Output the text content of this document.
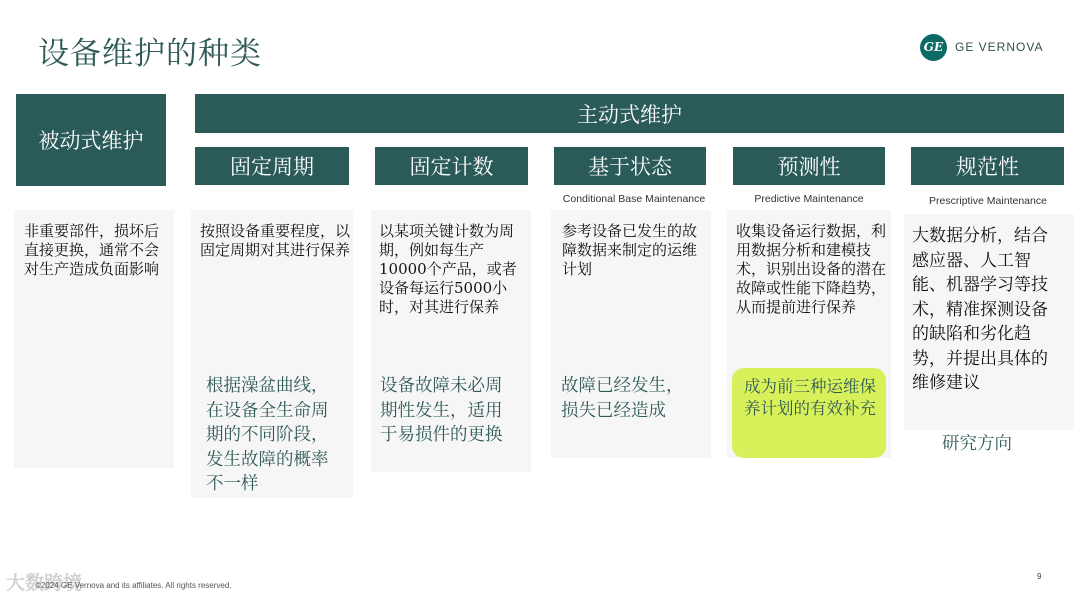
设备维护的种类	GE GE VERNOVA
被动式维护
非重要部件，损坏后直接更换，通常不会对生产造成负面影响
主动式维护
固定周期
按照设备重要程度，以固定周期对其进行保养
根据澡盆曲线，在设备全生命周期的不同阶段，发生故障的概率不一样
固定计数
以某项关键计数为周期，例如每生产10000个产品，或者设备每运行5000小时，对其进行保养
设备故障未必周期性发生，适用于易损件的更换
基于状态
Conditional Base Maintenance
参考设备已发生的故障数据来制定的运维计划
故障已经发生，损失已经造成
预测性
Predictive Maintenance
收集设备运行数据，利用数据分析和建模技术，识别出设备的潜在故障或性能下降趋势，从而提前进行保养
成为前三种运维保养计划的有效补充
规范性
Prescriptive Maintenance
大数据分析，结合感应器、人工智能、机器学习等技术，精准探测设备的缺陷和劣化趋势，并提出具体的维修建议
研究方向
大数跨境
©2024 GE Vernova and its affiliates. All rights reserved.
9
